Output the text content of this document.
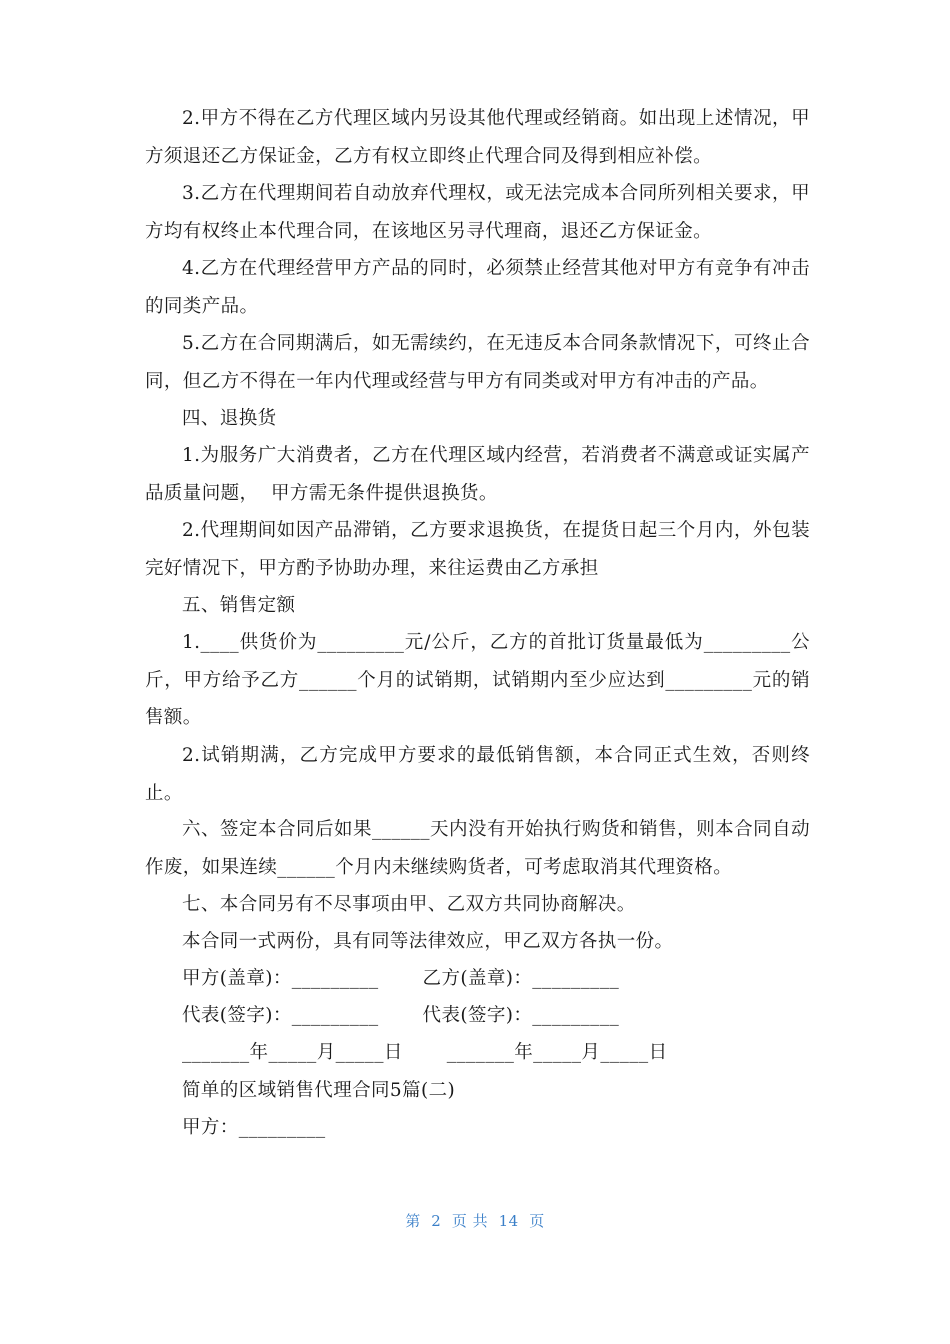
2.甲方不得在乙方代理区域内另设其他代理或经销商。如出现上述情况，甲方须退还乙方保证金，乙方有权立即终止代理合同及得到相应补偿。

3.乙方在代理期间若自动放弃代理权，或无法完成本合同所列相关要求，甲方均有权终止本代理合同，在该地区另寻代理商，退还乙方保证金。

4.乙方在代理经营甲方产品的同时，必须禁止经营其他对甲方有竞争有冲击的同类产品。

5.乙方在合同期满后，如无需续约，在无违反本合同条款情况下，可终止合同，但乙方不得在一年内代理或经营与甲方有同类或对甲方有冲击的产品。

四、退换货

1.为服务广大消费者，乙方在代理区域内经营，若消费者不满意或证实属产品质量问题，  甲方需无条件提供退换货。

2.代理期间如因产品滞销，乙方要求退换货，在提货日起三个月内，外包装完好情况下，甲方酌予协助办理，来往运费由乙方承担

五、销售定额

1.____供货价为_________元/公斤，乙方的首批订货量最低为_________公斤，甲方给予乙方______个月的试销期，试销期内至少应达到_________元的销售额。

2.试销期满，乙方完成甲方要求的最低销售额，本合同正式生效，否则终止。

六、签定本合同后如果______天内没有开始执行购货和销售，则本合同自动作废，如果连续______个月内未继续购货者，可考虑取消其代理资格。

七、本合同另有不尽事项由甲、乙双方共同协商解决。

本合同一式两份，具有同等法律效应，甲乙双方各执一份。

甲方(盖章)：_________       乙方(盖章)：_________

代表(签字)：_________       代表(签字)：_________

_______年_____月_____日       _______年_____月_____日

简单的区域销售代理合同5篇(二)

甲方：_________

第  2  页 共  14  页
